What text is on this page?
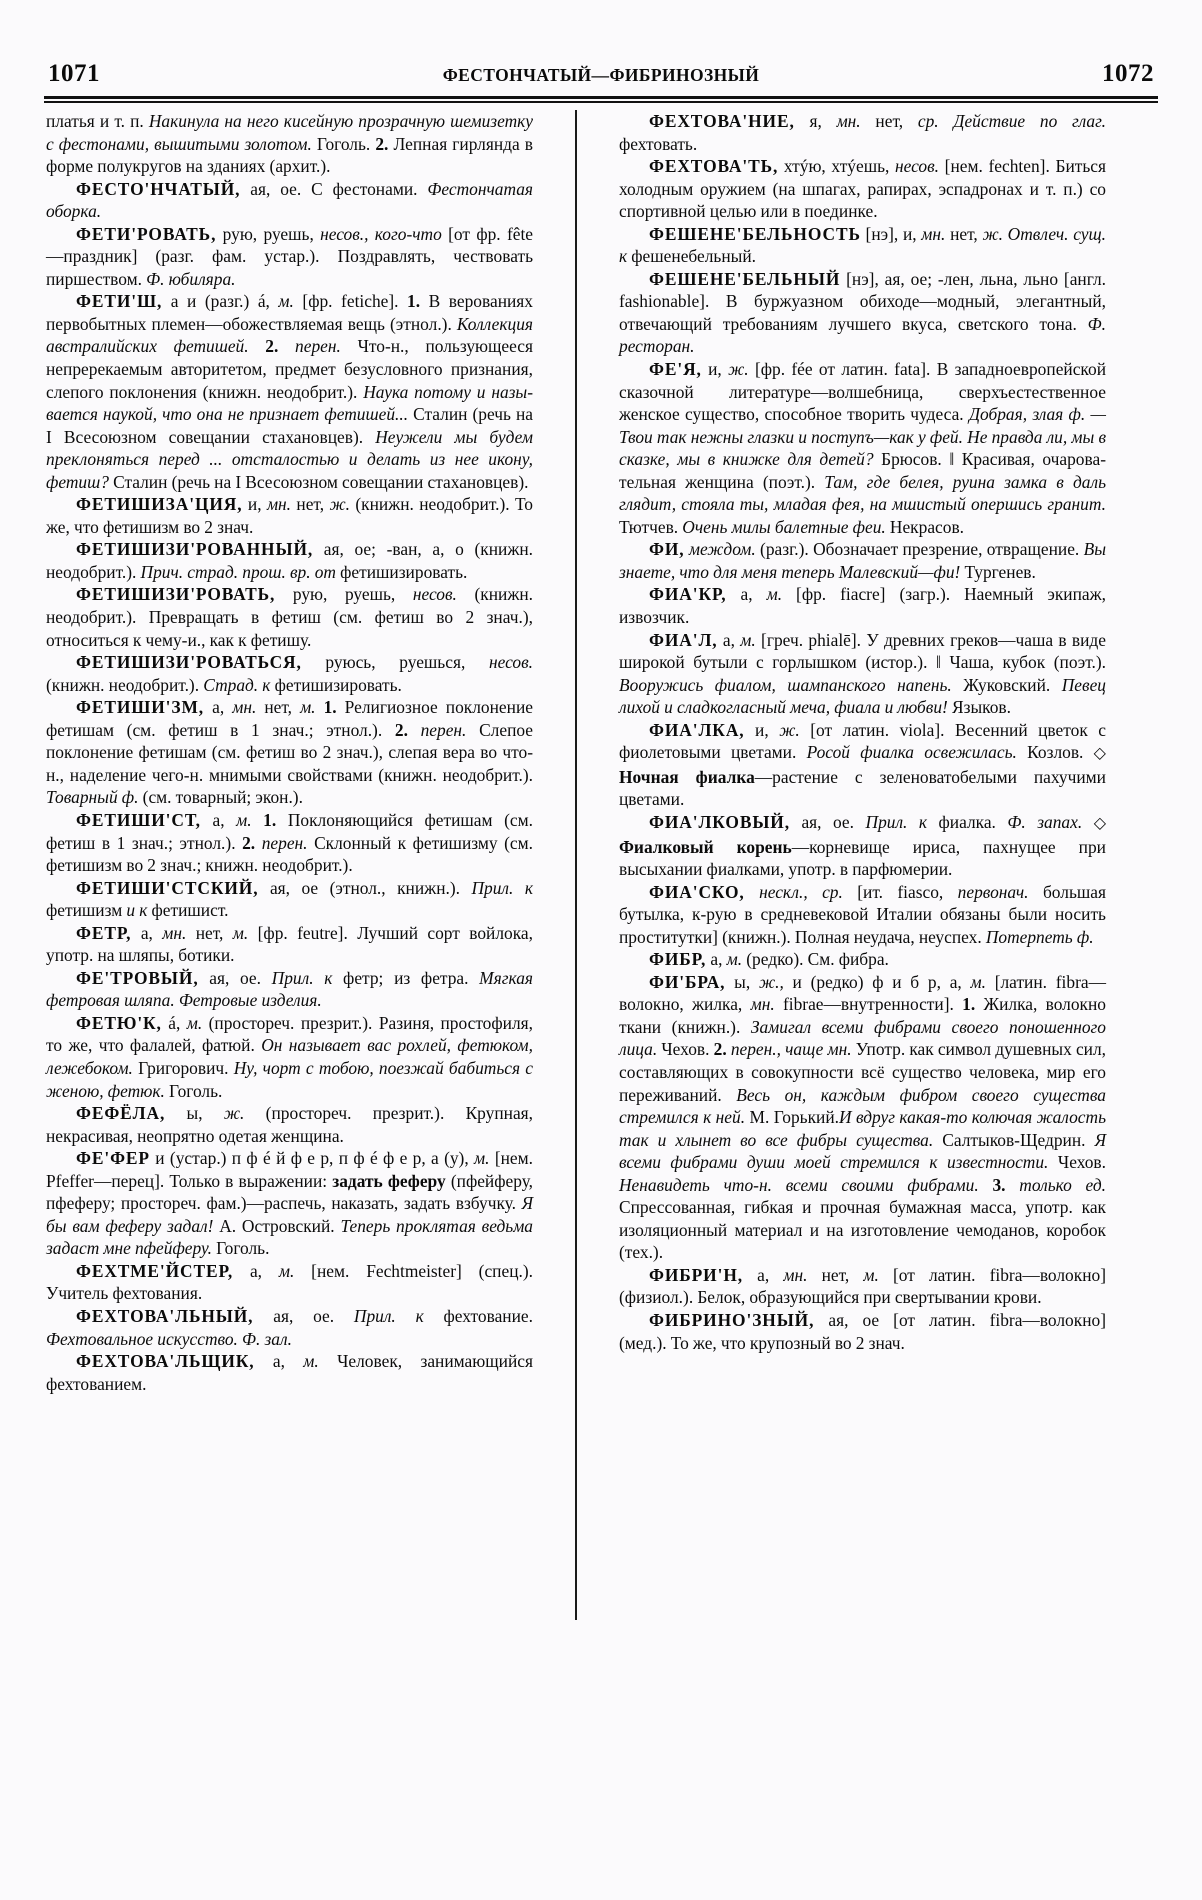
1071	ФЕСТОНЧАТЫЙ—ФИБРИНОЗНЫЙ	1072

платья и т. п. Накинула на него кисейную прозрачную шемизетку с фестонами, вышитыми золотом. Гоголь. 2. Лепная гирлянда в форме полукругов на зданиях (архит.).

ФЕСТО'НЧАТЫЙ, ая, ое. С фестонами. Фестончатая оборка.

ФЕТИ'РОВАТЬ, рую, руешь, несов., кого-что [от фр. fête—праздник] (разг. фам. устар.). Поздравлять, чествовать пиршеством. Ф. юбиляра.

ФЕТИ'Ш, а и (разг.) á, м. [фр. fetiche]. 1. В верованиях первобытных племен—обожествляемая вещь (этнол.). Коллекция австралийских фетишей. 2. перен. Что-н., пользующееся непререкаемым авторитетом, предмет безусловного признания, слепого поклонения (книжн. неодобрит.). Наука потому и называется наукой, что она не признает фетишей... Сталин (речь на I Всесоюзном совещании стахановцев). Неужели мы будем преклоняться перед ... отсталостью и делать из нее икону, фетиш? Сталин (речь на I Всесоюзном совещании стахановцев).

ФЕТИШИЗА'ЦИЯ, и, мн. нет, ж. (книжн. неодобрит.). То же, что фетишизм во 2 знач.

ФЕТИШИЗИ'РОВАННЫЙ, ая, ое; -ван, а, о (книжн. неодобрит.). Прич. страд. прош. вр. от фетишизировать.

ФЕТИШИЗИ'РОВАТЬ, рую, руешь, несов. (книжн. неодобрит.). Превращать в фетиш (см. фетиш во 2 знач.), относиться к чему-и., как к фетишу.

ФЕТИШИЗИ'РОВАТЬСЯ, руюсь, руешься, несов. (книжн. неодобрит.). Страд. к фетишизировать.

ФЕТИШИ'ЗМ, а, мн. нет, м. 1. Религиозное поклонение фетишам (см. фетиш в 1 знач.; этнол.). 2. перен. Слепое поклонение фетишам (см. фетиш во 2 знач.), слепая вера во что-н., наделение чего-н. мнимыми свойствами (книжн. неодобрит.). Товарный ф. (см. товарный; экон.).

ФЕТИШИ'СТ, а, м. 1. Поклоняющийся фетишам (см. фетиш в 1 знач.; этнол.). 2. перен. Склонный к фетишизму (см. фетишизм во 2 знач.; книжн. неодобрит.).

ФЕТИШИ'СТСКИЙ, ая, ое (этнол., книжн.). Прил. к фетишизм и к фетишист.

ФЕТР, а, мн. нет, м. [фр. feutre]. Лучший сорт войлока, употр. на шляпы, ботики.

ФЕ'ТРОВЫЙ, ая, ое. Прил. к фетр; из фетра. Мягкая фетровая шляпа. Фетровые изделия.

ФЕТЮ'К, á, м. (простореч. презрит.). Разиня, простофиля, то же, что фалалей, фатюй. Он называет вас рохлей, фетюком, лежебоком. Григорович. Ну, чорт с тобою, поезжай бабиться с женою, фетюк. Гоголь.

ФЕФЁЛА, ы, ж. (простореч. презрит.). Крупная, некрасивая, неопрятно одетая женщина.

ФЕ'ФЕР и (устар.) п ф é й ф е р, п ф é ф е р, а (у), м. [нем. Pfeffer—перец]. Только в выражении: задать феферу (пфейферу, пфеферу; простореч. фам.)—распечь, наказать, задать взбучку. Я бы вам феферу задал! А. Островский. Теперь проклятая ведьма задаст мне пфейферу. Гоголь.

ФЕХТМЕ'ЙСТЕР, а, м. [нем. Fechtmeister] (спец.). Учитель фехтования.

ФЕХТОВА'ЛЬНЫЙ, ая, ое. Прил. к фехтование. Фехтовальное искусство. Ф. зал.

ФЕХТОВА'ЛЬЩИК, а, м. Человек, занимающийся фехтованием.

ФЕХТОВА'НИЕ, я, мн. нет, ср. Действие по глаг. фехтовать.

ФЕХТОВА'ТЬ, хтýю, хтýешь, несов. [нем. fechten]. Биться холодным оружием (на шпагах, рапирах, эспадронах и т. п.) со спортивной целью или в поединке.

ФЕШЕНЕ'БЕЛЬНОСТЬ [нэ], и, мн. нет, ж. Отвлеч. сущ. к фешенебельный.

ФЕШЕНЕ'БЕЛЬНЫЙ [нэ], ая, ое; -лен, льна, льно [англ. fashionable]. В буржуазном обиходе—модный, элегантный, отвечающий требованиям лучшего вкуса, светского тона. Ф. ресторан.

ФЕ'Я, и, ж. [фр. fée от латин. fata]. В западноевропейской сказочной литературе—волшебница, сверхъестественное женское существо, способное творить чудеса. Добрая, злая ф. —Твои так нежны глазки и поступъ—как у фей. Не правда ли, мы в сказке, мы в книжке для детей? Брюсов. ‖ Красивая, очаровательная женщина (поэт.). Там, где белея, руина замка в даль глядит, стояла ты, младая фея, на мшистый опершись гранит. Тютчев. Очень милы балетные феи. Некрасов.

ФИ, междом. (разг.). Обозначает презрение, отвращение. Вы знаете, что для меня теперь Малевский—фи! Тургенев.

ФИА'КР, а, м. [фр. fiacre] (загр.). Наемный экипаж, извозчик.

ФИА'Л, а, м. [греч. phialē]. У древних греков—чаша в виде широкой бутыли с горлышком (истор.). ‖ Чаша, кубок (поэт.). Вооружись фиалом, шампанского напень. Жуковский. Певец лихой и сладкогласный меча, фиала и любви! Языков.

ФИА'ЛКА, и, ж. [от латин. viola]. Весенний цветок с фиолетовыми цветами. Росой фиалка освежилась. Козлов. ◇ Ночная фиалка—растение с зеленоватобелыми пахучими цветами.

ФИА'ЛКОВЫЙ, ая, ое. Прил. к фиалка. Ф. запах. ◇ Фиалковый корень—корневище ириса, пахнущее при высыхании фиалками, употр. в парфюмерии.

ФИА'СКО, нескл., ср. [ит. fiasco, первонач. большая бутылка, к-рую в средневековой Италии обязаны были носить проститутки] (книжн.). Полная неудача, неуспех. Потерпеть ф.

ФИБР, а, м. (редко). См. фибра.

ФИ'БРА, ы, ж., и (редко) ф и б р, а, м. [латин. fibra—волокно, жилка, мн. fibrae—внутренности]. 1. Жилка, волокно ткани (книжн.). Замигал всеми фибрами своего поношенного лица. Чехов. 2. перен., чаще мн. Употр. как символ душевных сил, составляющих в совокупности всё существо человека, мир его переживаний. Весь он, каждым фибром своего существа стремился к ней. М. Горький.И вдруг какая-то колючая жалость так и хлынет во все фибры существа. Салтыков-Щедрин. Я всеми фибрами души моей стремился к известности. Чехов. Ненавидеть что-н. всеми своими фибрами. 3. только ед. Спрессованная, гибкая и прочная бумажная масса, употр. как изоляционный материал и на изготовление чемоданов, коробок (тех.).

ФИБРИ'Н, а, мн. нет, м. [от латин. fibra—волокно] (физиол.). Белок, образующийся при свертывании крови.

ФИБРИНО'ЗНЫЙ, ая, ое [от латин. fibra—волокно] (мед.). То же, что крупозный во 2 знач.
